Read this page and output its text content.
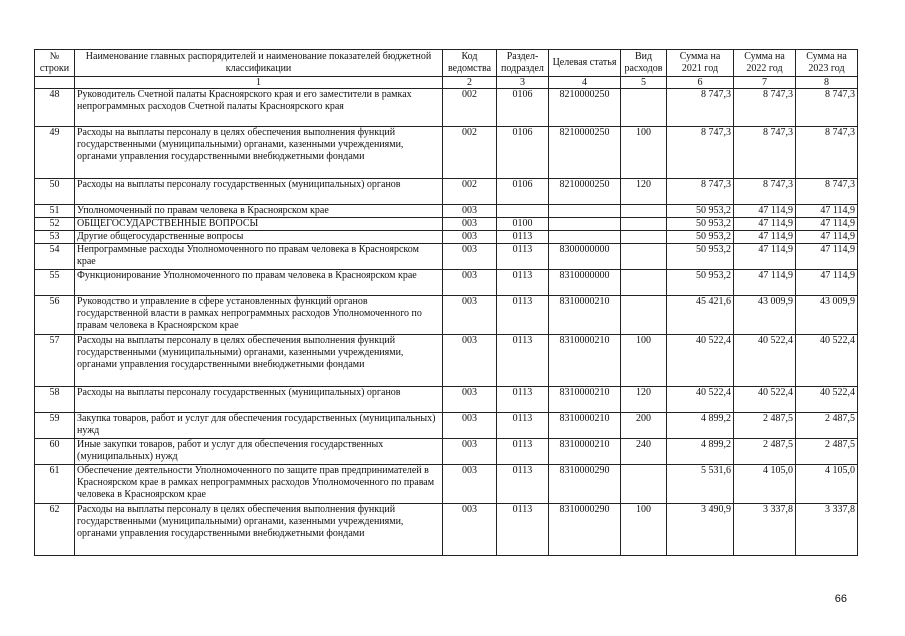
№ строки	Наименование главных распорядителей и наименование показателей бюджетной классификации	Код ведомства	Раздел- подраздел	Целевая статья	Вид расходов	Сумма на 2021 год	Сумма на 2022 год	Сумма на 2023 год
	1	2	3	4	5	6	7	8
48	Руководитель Счетной палаты Красноярского края и его заместители в рамках непрограммных расходов Счетной палаты Красноярского края	002	0106	8210000250		8 747,3	8 747,3	8 747,3
49	Расходы на выплаты персоналу в целях обеспечения выполнения функций государственными (муниципальными) органами, казенными учреждениями, органами управления государственными внебюджетными фондами	002	0106	8210000250	100	8 747,3	8 747,3	8 747,3
50	Расходы на выплаты персоналу государственных (муниципальных) органов	002	0106	8210000250	120	8 747,3	8 747,3	8 747,3
51	Уполномоченный по правам человека в Красноярском крае	003				50 953,2	47 114,9	47 114,9
52	ОБЩЕГОСУДАРСТВЕННЫЕ ВОПРОСЫ	003	0100			50 953,2	47 114,9	47 114,9
53	Другие общегосударственные вопросы	003	0113			50 953,2	47 114,9	47 114,9
54	Непрограммные расходы Уполномоченного по правам человека в Красноярском крае	003	0113	8300000000		50 953,2	47 114,9	47 114,9
55	Функционирование Уполномоченного по правам человека в Красноярском крае	003	0113	8310000000		50 953,2	47 114,9	47 114,9
56	Руководство и управление в сфере установленных функций органов государственной власти в рамках непрограммных расходов Уполномоченного по правам человека в Красноярском крае	003	0113	8310000210		45 421,6	43 009,9	43 009,9
57	Расходы на выплаты персоналу в целях обеспечения выполнения функций государственными (муниципальными) органами, казенными учреждениями, органами управления государственными внебюджетными фондами	003	0113	8310000210	100	40 522,4	40 522,4	40 522,4
58	Расходы на выплаты персоналу государственных (муниципальных) органов	003	0113	8310000210	120	40 522,4	40 522,4	40 522,4
59	Закупка товаров, работ и услуг для обеспечения государственных (муниципальных) нужд	003	0113	8310000210	200	4 899,2	2 487,5	2 487,5
60	Иные закупки товаров, работ и услуг для обеспечения государственных (муниципальных) нужд	003	0113	8310000210	240	4 899,2	2 487,5	2 487,5
61	Обеспечение деятельности Уполномоченного по защите прав предпринимателей в Красноярском крае в рамках непрограммных расходов Уполномоченного по правам человека в Красноярском крае	003	0113	8310000290		5 531,6	4 105,0	4 105,0
62	Расходы на выплаты персоналу в целях обеспечения выполнения функций государственными (муниципальными) органами, казенными учреждениями, органами управления государственными внебюджетными фондами	003	0113	8310000290	100	3 490,9	3 337,8	3 337,8
66
